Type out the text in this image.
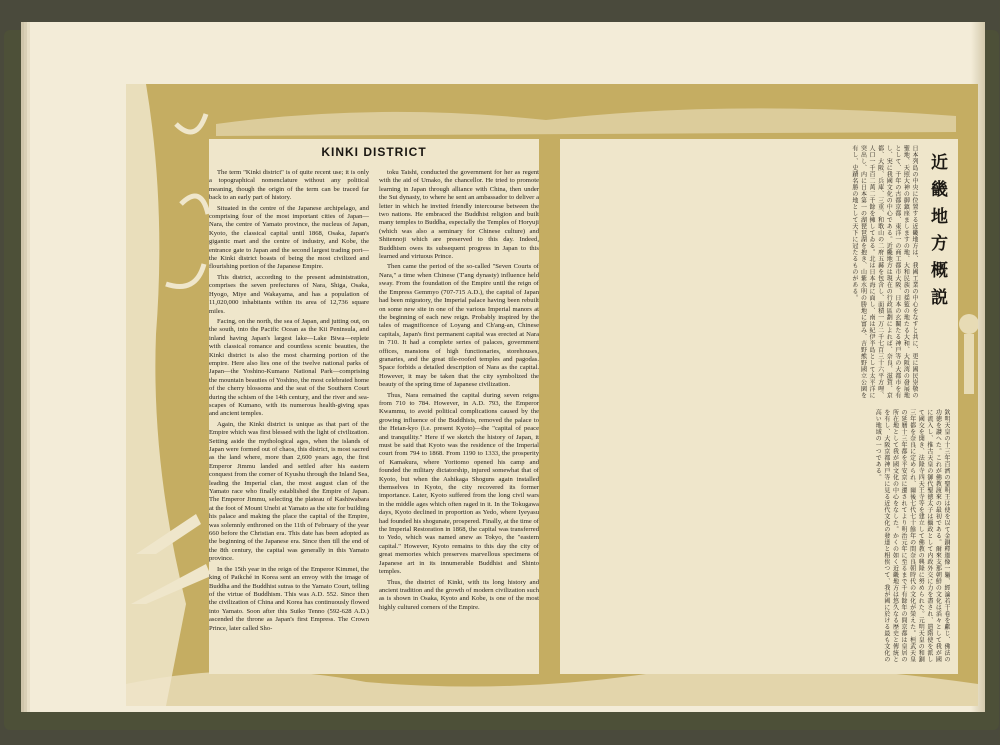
KINKI DISTRICT

The term "Kinki district" is of quite recent use; it is only a topographical nomenclature without any political meaning, though the origin of the term can be traced far back to an early part of history.

Situated in the centre of the Japanese archipelago, and comprising four of the most important cities of Japan—Nara, the centre of Yamato province, the nucleus of Japan, Kyoto, the classical capital until 1868, Osaka, Japan's gigantic mart and the centre of industry, and Kobe, the entrance gate to Japan and the second largest trading port—the Kinki district boasts of being the most civilized and flourishing portion of the Japanese Empire.

This district, according to the present administration, comprises the seven prefectures of Nara, Shiga, Osaka, Hyogo, Miye and Wakayama, and has a population of 11,020,000 inhabitants within its area of 12,736 square miles.

Facing, on the north, the sea of Japan, and jutting out, on the south, into the Pacific Ocean as the Kii Peninsula, and inland having Japan's largest lake—Lake Biwa—replete with classical romance and countless scenic beauties, the Kinki district is also the most charming portion of the empire. Here also lies one of the twelve national parks of Japan—the Yoshino-Kumano National Park—comprising the mountain beauties of Yoshino, the most celebrated home of the cherry blossoms and the seat of the Southern Court during the schism of the 14th century, and the river and sea-scapes of Kumano, with its numerous health-giving spas and ancient temples.

Again, the Kinki district is unique as that part of the Empire which was first blessed with the light of civilization. Setting aside the mythological ages, when the islands of Japan were formed out of chaos, this district, is most sacred as the land where, more than 2,600 years ago, the first Emperor Jimmu landed and settled after his eastern conquest from the corner of Kyushu through the Inland Sea, leading the Imperial clan, the most august clan of the Yamato race who finally established the Empire of Japan. The Emperor Jimmu, selecting the plateau of Kashiwabara at the foot of Mount Unebi at Yamato as the site for building his palace and making the place the capital of the Empire, was solemnly enthroned on the 11th of February of the year 660 before the Christian era. This date has been adopted as the beginning of the Japanese era. Since then till the end of the 8th century, the capital was generally in this Yamato province.

In the 15th year in the reign of the Emperor Kimmei, the king of Paikché in Korea sent an envoy with the image of Buddha and the Buddhist sutras to the Yamato Court, telling of the virtue of Buddhism. This was A.D. 552. Since then the civilization of China and Korea has continuously flowed into Yamato. Soon after this Suiko Tenno (592-628 A.D.) ascended the throne as Japan's first Empress. The Crown Prince, later called Sho-

toku Taishi, conducted the government for her as regent with the aid of Umako, the chancellor. He tried to promote learning in Japan through alliance with China, then under the Sui dynasty, to where he sent an ambassador to deliver a letter in which he invited friendly intercourse between the two nations. He embraced the Buddhist religion and built many temples to Buddha, especially the Temples of Horyuji (which was also a seminary for Chinese culture) and Shitennoji which are preserved to this day. Indeed, Buddhism owes its subsequent progress in Japan to this learned and virtuous Prince.

Then came the period of the so-called "Seven Courts of Nara," a time when Chinese (T'ang dynasty) influence held sway. From the foundation of the Empire until the reign of the Empress Gemmyo (707-715 A.D.), the capital of Japan had been migratory, the Imperial palace having been rebuilt on some new site in one of the various Imperial manors at the beginning of each new reign. Probably inspired by the tales of magnificence of Loyang and Ch'ang-an, Chinese capitals, Japan's first permanent capital was erected at Nara in 710. It had a complete series of palaces, government offices, mansions of high functionaries, storehouses, granaries, and the great tile-roofed temples and pagodas. Space forbids a detailed description of Nara as the capital. However, it may be taken that the city symbolized the beauty of the spring time of Japanese civilization.

Thus, Nara remained the capital during seven reigns from 710 to 784. However, in A.D. 793, the Emperor Kwammu, to avoid political complications caused by the growing influence of the Buddhists, removed the palace to the Heian-kyo (i.e. present Kyoto)—the "capital of peace and tranquility." Here if we sketch the history of Japan, it must be said that Kyoto was the residence of the Imperial court from 794 to 1868. From 1190 to 1333, the prosperity of Kamakura, where Yoritomo opened his camp and founded the military dictatorship, injured somewhat that of Kyoto, but when the Ashikaga Shoguns again installed themselves in Kyoto, the city recovered its former importance. Later, Kyoto suffered from the long civil wars in the middle ages which often raged in it. In the Tokugawa days, Kyoto declined in proportion as Yedo, where Iyeyasu had founded his shogunate, prospered. Finally, at the time of the Imperial Restoration in 1868, the capital was transferred to Yedo, which was named anew as Tokyo, the "eastern capital." However, Kyoto remains to this day the city of great memories which preserves marvellous specimens of Japanese art in its innumerable Buddhist and Shinto temples.

Thus, the district of Kinki, with its long history and ancient tradition and the growth of modern civilization such as is shown in Osaka, Kyoto and Kobe, is one of the most highly cultured corners of the Empire.

近畿地方概説
日本列島の中央に位置する近畿地方は、我國工業の中心をなすと共に、更に國民崇敬の聖地、天照大神の御鎮座ましますの地、大和民族の揺籃の地たる大和、大阪湾の發展地として、千年の古都京都、東洋一の商工都市大阪、日本の玄關たる神戸等の大都市を有し、実に我國文化の中心である。近畿地方は現在の行政區劃によれば、奈良、滋賀、京都、大阪、兵庫、三重、和歌山の二府五縣を包含し、面積一万二千七百三十六平方哩、人口一千百二萬二千餘を擁してゐる。北は日本海に面し、南は紀伊半島として太平洋に突出し、内に日本第一の湖琵琶湖を抱き、山紫水明の勝地に富み、吉野熊野國立公園を有し、史蹟名勝の地として天下に冠たるものがある。
欽明天皇の十三年百濟の聖明王は使を以て金銅釋迦像一軀、經論若干卷を獻じ、佛法の功徳を讃へた。これが佛教渡來の最初である。爾來支那朝鮮の文化は滔々として我が國に流入し、推古天皇の御代聖徳太子は攝政として内政外交に力を盡され、遣隋使を派して國交を開き、法隆寺四天王寺等を建立して佛教の興隆に努められた。元明天皇の和銅三年都を奈良に定められ、爾後七代七十餘年の間奈良朝時代の文化が榮えた。桓武天皇の延暦十三年都を平安京に遷されてより明治元年に至るまで千有餘年の間京都は皇居の所在地として我が國文化の中心をなした。かくの如く近畿地方は悠久なる歴史と傳統とを有し、大阪京都神戸等に見る近代文化の發達と相俟つて、我が國に於ける最も文化の高い地域の一つである。
